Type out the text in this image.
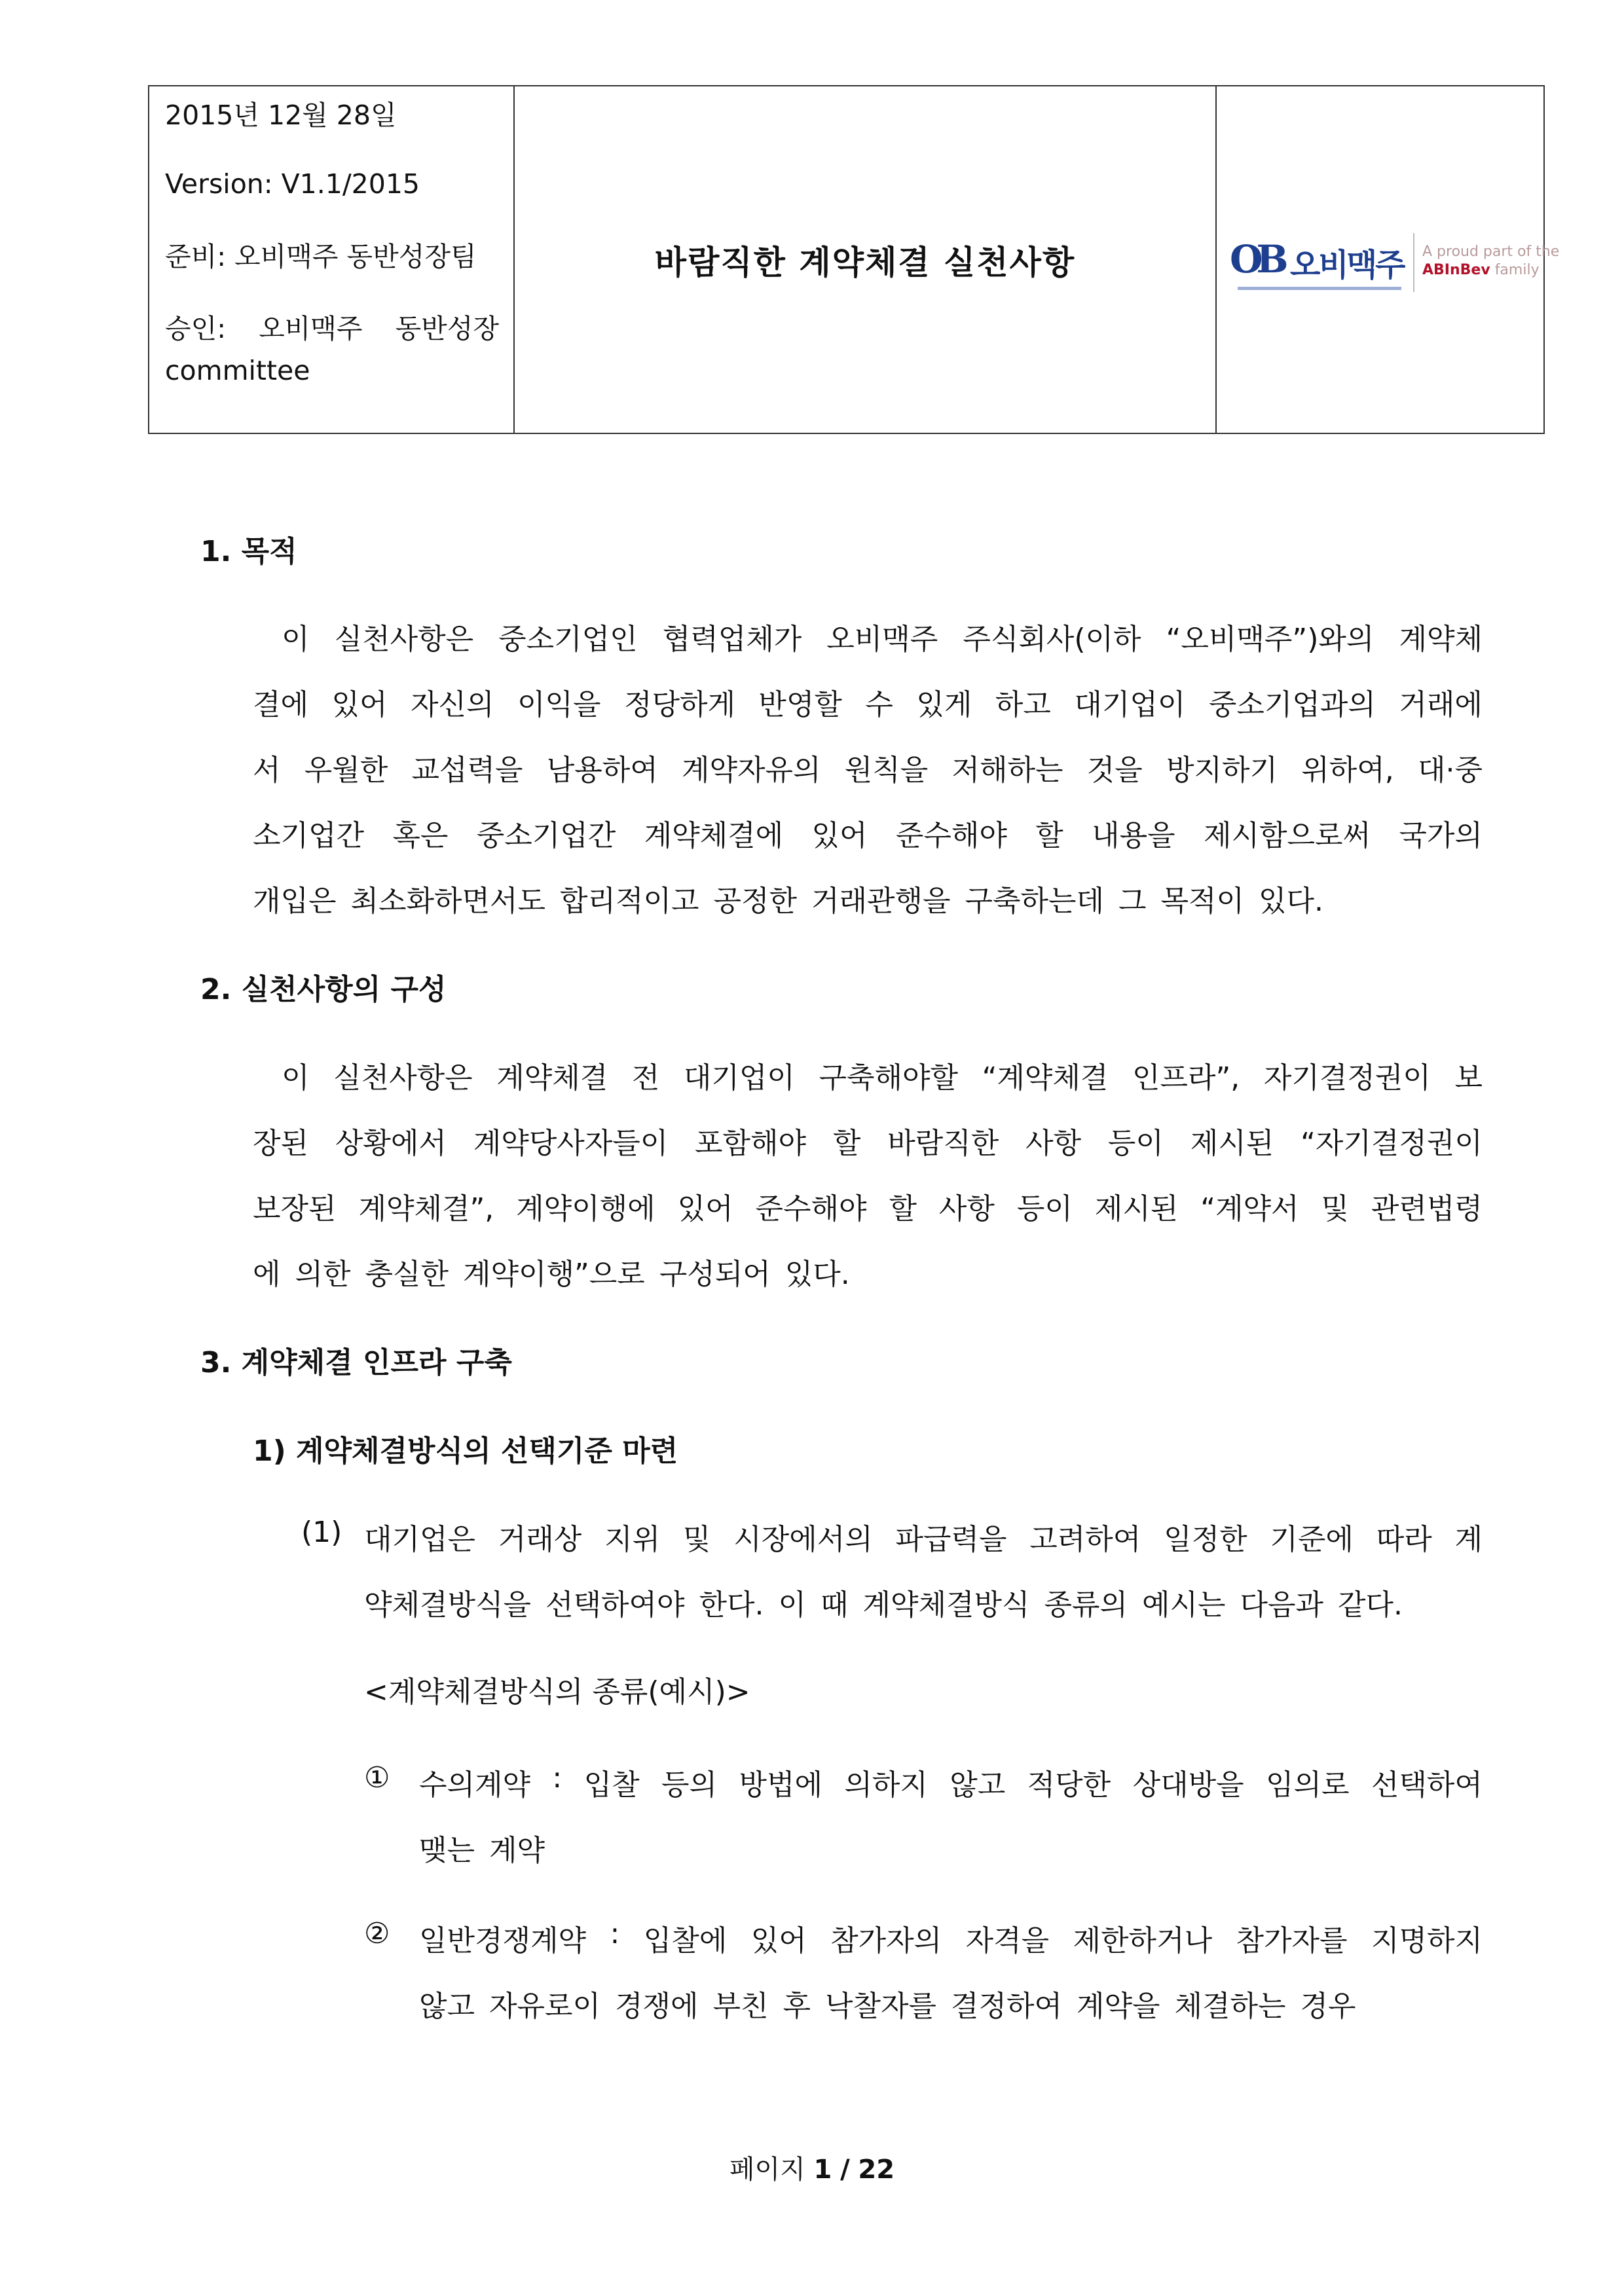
2015년 12월 28일
Version: V1.1/2015
준비: 오비맥주 동반성장팀
승인: 오비맥주 동반성장
committee
	바람직한 계약체결 실천사항	OB 오비맥주 A proud part of the
ABInBev family
1. 목적
이 실천사항은 중소기업인 협력업체가 오비맥주 주식회사(이하 “오비맥주”)와의 계약체
결에 있어 자신의 이익을 정당하게 반영할 수 있게 하고 대기업이 중소기업과의 거래에
서 우월한 교섭력을 남용하여 계약자유의 원칙을 저해하는 것을 방지하기 위하여, 대·중
소기업간 혹은 중소기업간 계약체결에 있어 준수해야 할 내용을 제시함으로써 국가의
개입은 최소화하면서도 합리적이고 공정한 거래관행을 구축하는데 그 목적이 있다.
2. 실천사항의 구성
이 실천사항은 계약체결 전 대기업이 구축해야할 “계약체결 인프라”, 자기결정권이 보
장된 상황에서 계약당사자들이 포함해야 할 바람직한 사항 등이 제시된 “자기결정권이
보장된 계약체결”, 계약이행에 있어 준수해야 할 사항 등이 제시된 “계약서 및 관련법령
에 의한 충실한 계약이행”으로 구성되어 있다.
3. 계약체결 인프라 구축
1) 계약체결방식의 선택기준 마련
(1) 대기업은 거래상 지위 및 시장에서의 파급력을 고려하여 일정한 기준에 따라 계
약체결방식을 선택하여야 한다. 이 때 계약체결방식 종류의 예시는 다음과 같다.
<계약체결방식의 종류(예시)>
① 수의계약 : 입찰 등의 방법에 의하지 않고 적당한 상대방을 임의로 선택하여
맺는 계약
② 일반경쟁계약 : 입찰에 있어 참가자의 자격을 제한하거나 참가자를 지명하지
않고 자유로이 경쟁에 부친 후 낙찰자를 결정하여 계약을 체결하는 경우
페이지 1 / 22
